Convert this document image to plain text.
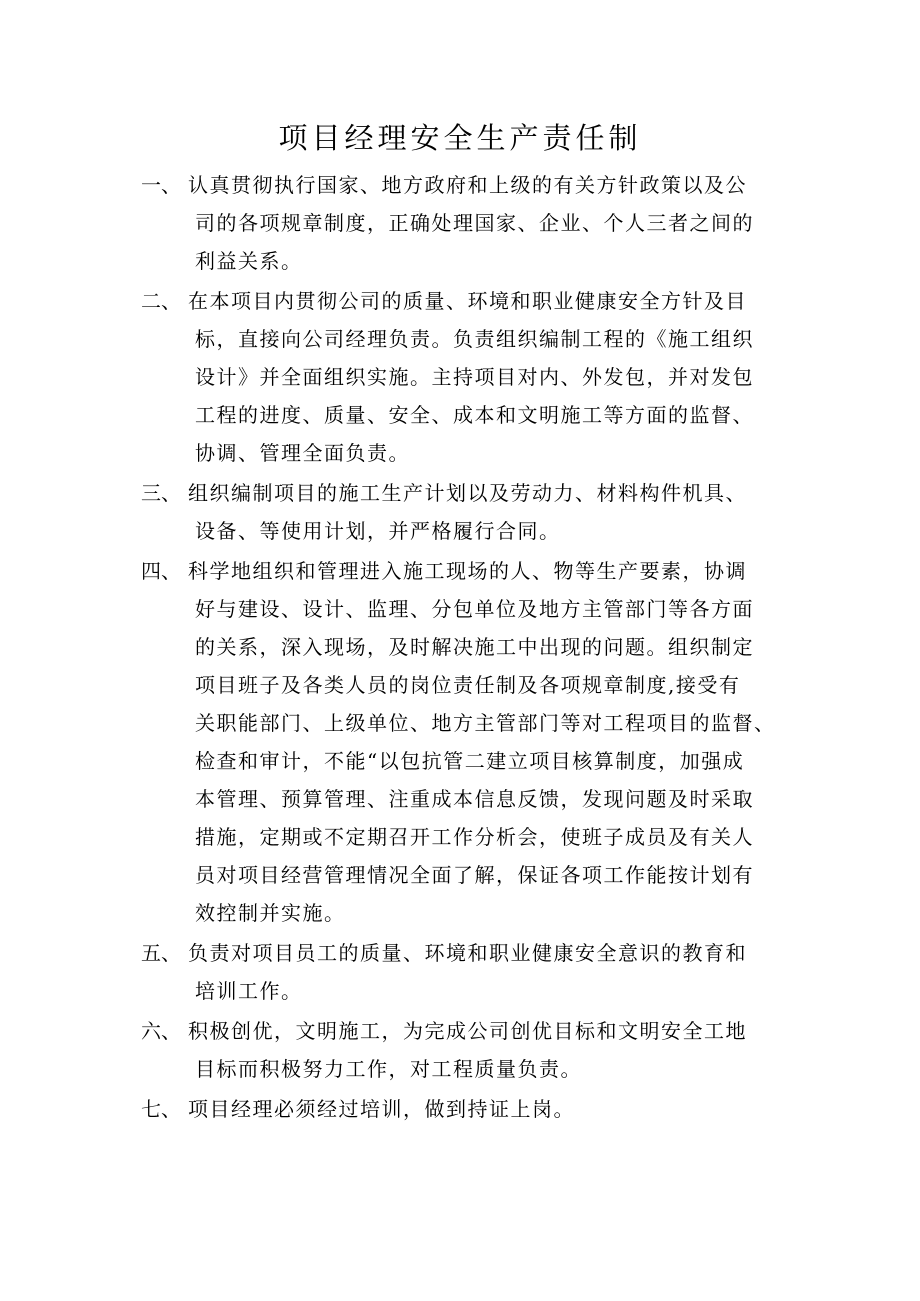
项目经理安全生产责任制
一、 认真贯彻执行国家、地方政府和上级的有关方针政策以及公
司的各项规章制度，正确处理国家、企业、个人三者之间的
利益关系。
二、 在本项目内贯彻公司的质量、环境和职业健康安全方针及目
标，直接向公司经理负责。负责组织编制工程的《施工组织
设计》并全面组织实施。主持项目对内、外发包，并对发包
工程的进度、质量、安全、成本和文明施工等方面的监督、
协调、管理全面负责。
三、 组织编制项目的施工生产计划以及劳动力、材料构件机具、
设备、等使用计划，并严格履行合同。
四、 科学地组织和管理进入施工现场的人、物等生产要素，协调
好与建设、设计、监理、分包单位及地方主管部门等各方面
的关系，深入现场，及时解决施工中出现的问题。组织制定
项目班子及各类人员的岗位责任制及各项规章制度,接受有
关职能部门、上级单位、地方主管部门等对工程项目的监督、
检查和审计，不能“以包抗管二建立项目核算制度，加强成
本管理、预算管理、注重成本信息反馈，发现问题及时采取
措施，定期或不定期召开工作分析会，使班子成员及有关人
员对项目经营管理情况全面了解，保证各项工作能按计划有
效控制并实施。
五、 负责对项目员工的质量、环境和职业健康安全意识的教育和
培训工作。
六、 积极创优，文明施工，为完成公司创优目标和文明安全工地
目标而积极努力工作，对工程质量负责。
七、 项目经理必须经过培训，做到持证上岗。
